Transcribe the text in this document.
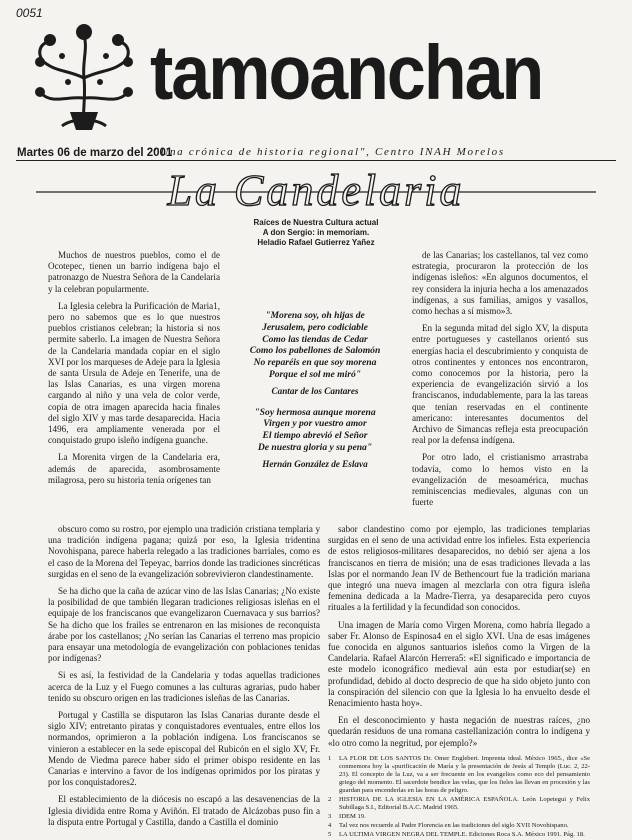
0051
tamoanchan
Martes 06 de marzo del 2001
"Una crónica de historia regional", Centro INAH Morelos
La Candelaria
Raíces de Nuestra Cultura actual
A don Sergio: in memoriam.
Heladio Rafael Gutierrez Yañez

Muchos de nuestros pueblos, como el de Ocotepec, tienen un barrio indígena bajo el patronazgo de Nuestra Señora de la Candelaria y la celebran popularmente.

La Iglesia celebra la Purificación de Maria1, pero no sabemos que es lo que nuestros pueblos cristianos celebran; la historia si nos permite saberlo. La imagen de Nuestra Señora de la Candelaria mandada copiar en el siglo XVI por los marqueses de Adeje para la Iglesia de santa Ursula de Adeje en Tenerife, una de las Islas Canarias, es una virgen morena cargando al niño y una vela de color verde, copia de otra imagen aparecida hacia finales del siglo XIV y mas tarde desaparecida. Hacia 1496, era ampliamente venerada por el conquistado grupo isleño indígena guanche.

La Morenita virgen de la Candelaria era, además de aparecida, asombrosamente milagrosa, pero su historia tenía orígenes tan

"Morena soy, oh hijas de

Jerusalem, pero codiciable

Como las tiendas de Cedar

Como los pabellones de Salomón

No reparéis en que soy morena

Porque el sol me miró"

Cantar de los Cantares

"Soy hermosa aunque morena

Virgen y por vuestro amor

El tiempo abrevió el Señor

De nuestra gloria y su pena"

Hernán González de Eslava

de las Canarias; los castellanos, tal vez como estrategia, procuraron la protección de los indígenas isleños: «En algunos documentos, el rey considera la injuria hecha a los amenazados indígenas, a sus familias, amigos y vasallos, como hechas a sí mismo»3.

En la segunda mitad del siglo XV, la disputa entre portugueses y castellanos orientó sus energías hacia el descubrimiento y conquista de otros continentes y entonces nos encontraron, como conocemos por la historia, pero la experiencia de evangelización sirvió a los franciscanos, indudablemente, para la las tareas que tenían reservadas en el continente americano: interesantes documentos del Archivo de Simancas refleja esta preocupación real por la defensa indígena.

Por otro lado, el cristianismo arrastraba todavía, como lo hemos visto en la evangelización de mesoamérica, muchas reminiscencias medievales, algunas con un fuerte

obscuro como su rostro, por ejemplo una tradición cristiana templaria y una tradición indígena pagana; quizá por eso, la Iglesia tridentina Novohispana, parece haberla relegado a las tradiciones barriales, como es el caso de la Morena del Tepeyac, barrios donde las tradiciones sincréticas surgidas en el seno de la evangelización sobrevivieron clandestinamente.

Se ha dicho que la caña de azúcar vino de las Islas Canarias; ¿No existe la posibilidad de que también llegaran tradiciones religiosas isleñas en el equipaje de los franciscanos que evangelizaron Cuernavaca y sus barrios? Se ha dicho que los frailes se entrenaron en las misiones de reconquista árabe por los castellanos; ¿No serían las Canarias el terreno mas propicio para ensayar una metodología de evangelización con poblaciones tenidas por indígenas?

Si es así, la festividad de la Candelaria y todas aquellas tradiciones acerca de la Luz y el Fuego comunes a las culturas agrarias, pudo haber tenido su obscuro origen en las tradiciones isleñas de las Canarias.

Portugal y Castilla se disputaron las Islas Canarias durante desde el siglo XIV; entretanto piratas y conquistadores eventuales, entre ellos los normandos, oprimieron a la población indígena. Los franciscanos se vinieron a establecer en la sede episcopal del Rubicón en el siglo XV, Fr. Mendo de Viedma parece haber sido el primer obispo residente en las Canarias e intervino a favor de los indígenas oprimidos por los piratas y por los conquistadores2.

El establecimiento de la diócesis no escapó a las desavenencias de la Iglesia dividida entre Roma y Aviñón. El tratado de Alcázobas puso fin a la disputa entre Portugal y Castilla, dando a Castilla el dominio

sabor clandestino como por ejemplo, las tradiciones templarias surgidas en el seno de una actividad entre los infieles. Esta experiencia de estos religiosos-militares desaparecidos, no debió ser ajena a los franciscanos en tierra de misión; una de esas tradiciones llevada a las Islas por el normando Jean IV de Bethencourt fue la tradición mariana que integró una nueva imagen al mezclarla con otra figura isleña femenina dedicada a la Madre-Tierra, ya desaparecida pero cuyos rituales a la fertilidad y la fecundidad son conocidos.

Una imagen de María como Virgen Morena, como habría llegado a saber Fr. Alonso de Espinosa4 en el siglo XVI. Una de esas imágenes fue conocida en algunos santuarios isleños como la Virgen de la Candelaria. Rafael Alarcón Herrera5: «El significado e importancia de este modelo iconográfico medieval aún esta por estudiar(se) en profundidad, debido al docto desprecio de que ha sido objeto junto con la conspiración del silencio con que la Iglesia lo ha envuelto desde el Renacimiento hasta hoy».

En el desconocimiento y hasta negación de nuestras raíces, ¿no quedarán residuos de una romana castellanización contra lo indígena y «lo otro como la negritud, por ejemplo?»

1 LA FLOR DE LOS SANTOS Dr. Omer Englebert. Imprenta ideal. México 1965., dice «Se conmemora hoy la «purificación de María y la presentación de Jesús al Templo (Luc. 2, 22-23). El concepto de la Luz, va a ser frecuente en los evangelios como eco del pensamiento griego del momento. El sacerdote bendice las velas, que los fieles las llevan en procesión y las guardan para encenderlas en las horas de peligro.
2 HISTORIA DE LA IGLESIA EN LA AMÉRICA ESPAÑOLA. León Lopetegui y Felix Subillaga S.I., Editorial B.A.C. Madrid 1965.
3 IDEM 19.
4 Tal vez nos recuerde al Padre Florencia en las tradiciones del siglo XVII Novohispano.
5 LA ULTIMA VIRGEN NEGRA DEL TEMPLE. Ediciones Roca S.A. México 1991. Pág. 18.
